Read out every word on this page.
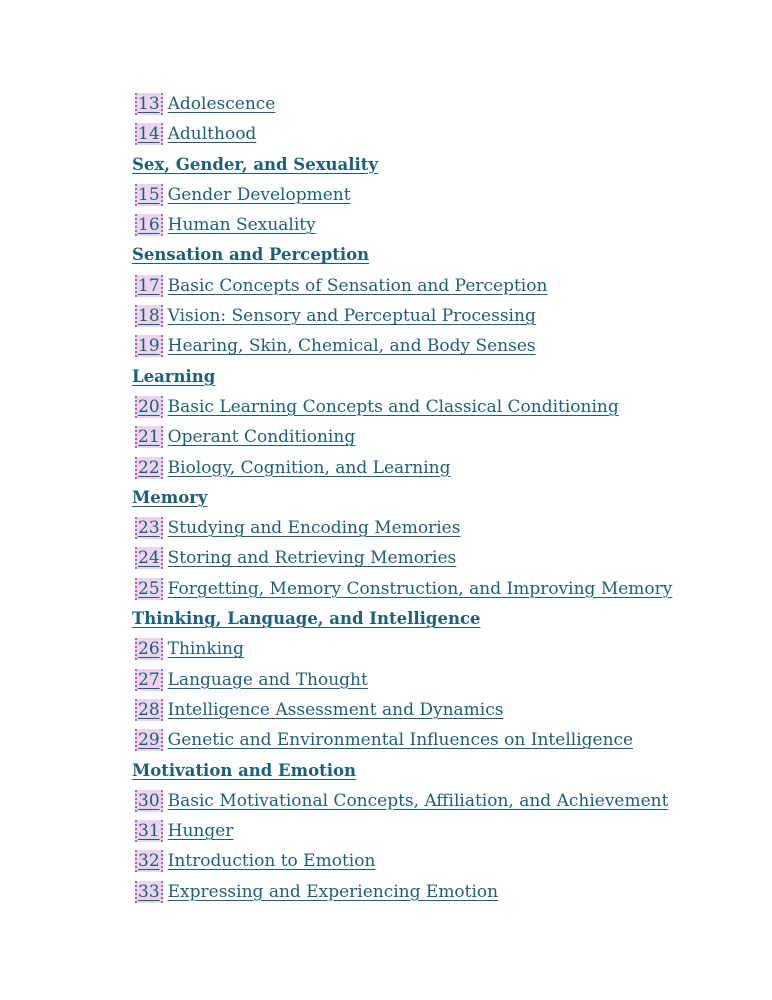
13 Adolescence
14 Adulthood
Sex, Gender, and Sexuality
15 Gender Development
16 Human Sexuality
Sensation and Perception
17 Basic Concepts of Sensation and Perception
18 Vision: Sensory and Perceptual Processing
19 Hearing, Skin, Chemical, and Body Senses
Learning
20 Basic Learning Concepts and Classical Conditioning
21 Operant Conditioning
22 Biology, Cognition, and Learning
Memory
23 Studying and Encoding Memories
24 Storing and Retrieving Memories
25 Forgetting, Memory Construction, and Improving Memory
Thinking, Language, and Intelligence
26 Thinking
27 Language and Thought
28 Intelligence Assessment and Dynamics
29 Genetic and Environmental Influences on Intelligence
Motivation and Emotion
30 Basic Motivational Concepts, Affiliation, and Achievement
31 Hunger
32 Introduction to Emotion
33 Expressing and Experiencing Emotion
